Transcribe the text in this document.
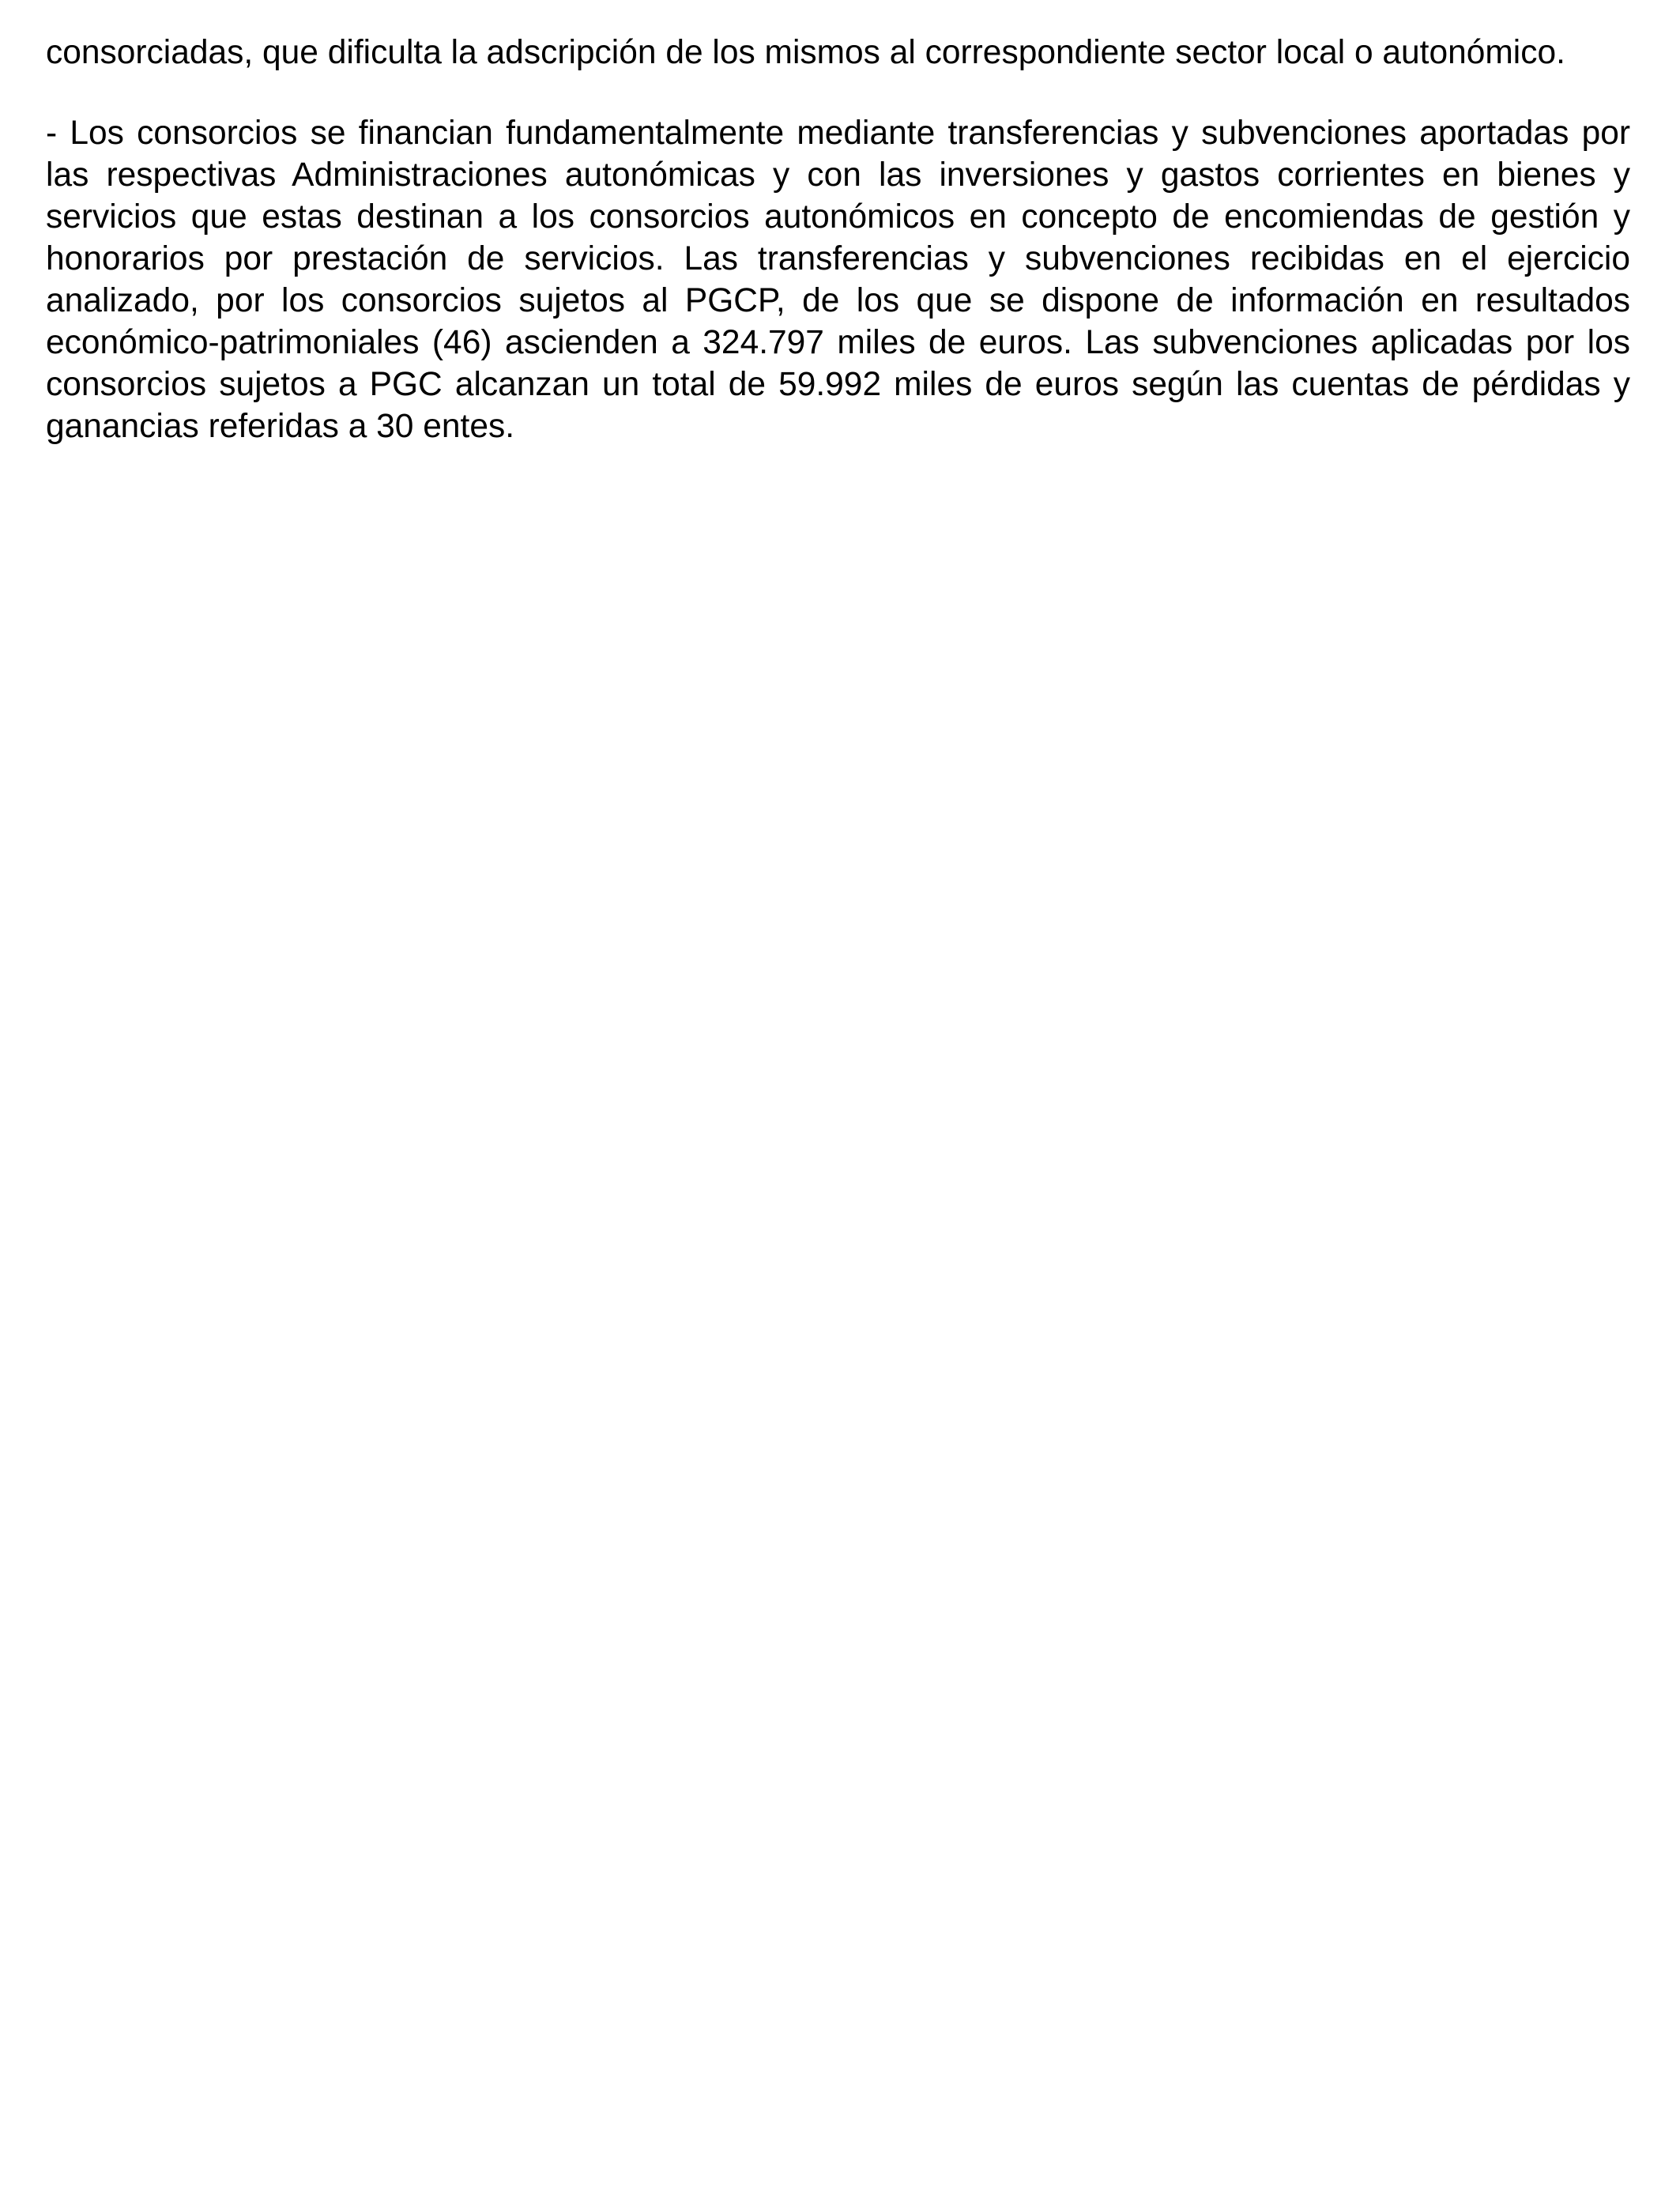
consorciadas, que dificulta la adscripción de los mismos al correspondiente sector local o autonómico.

- Los consorcios se financian fundamentalmente mediante transferencias y subvenciones aportadas por las respectivas Administraciones autonómicas y con las inversiones y gastos corrientes en bienes y servicios que estas destinan a los consorcios autonómicos en concepto de encomiendas de gestión y honorarios por prestación de servicios. Las transferencias y subvenciones recibidas en el ejercicio analizado, por los consorcios sujetos al PGCP, de los que se dispone de información en resultados económico-patrimoniales (46) ascienden a 324.797 miles de euros. Las subvenciones aplicadas por los consorcios sujetos a PGC alcanzan un total de 59.992 miles de euros según las cuentas de pérdidas y ganancias referidas a 30 entes.
